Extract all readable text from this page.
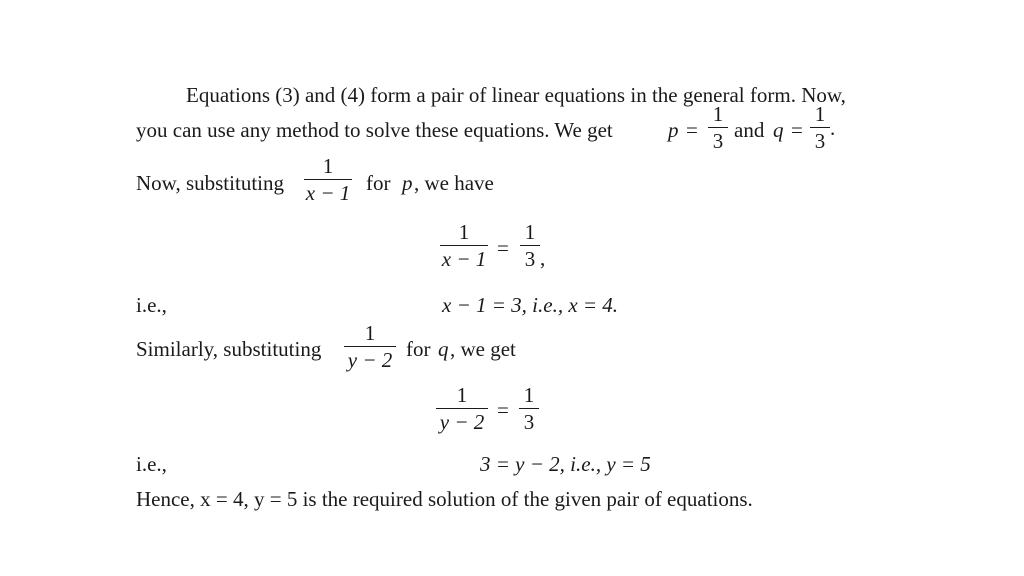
Equations (3) and (4) form a pair of linear equations in the general form. Now,
you can use any method to solve these equations. We get	p =
1
3 and q =
1
3
.
Now, substituting
1
x − 1 for p , we have
1
x − 1 =
1
3 ,
i.e.,	x − 1 = 3, i.e., x = 4.
Similarly, substituting
1
y − 2 for q , we get
1
y − 2 =
1
3
i.e.,	3 = y − 2, i.e., y = 5
Hence, x = 4, y = 5 is the required solution of the given pair of equations.
